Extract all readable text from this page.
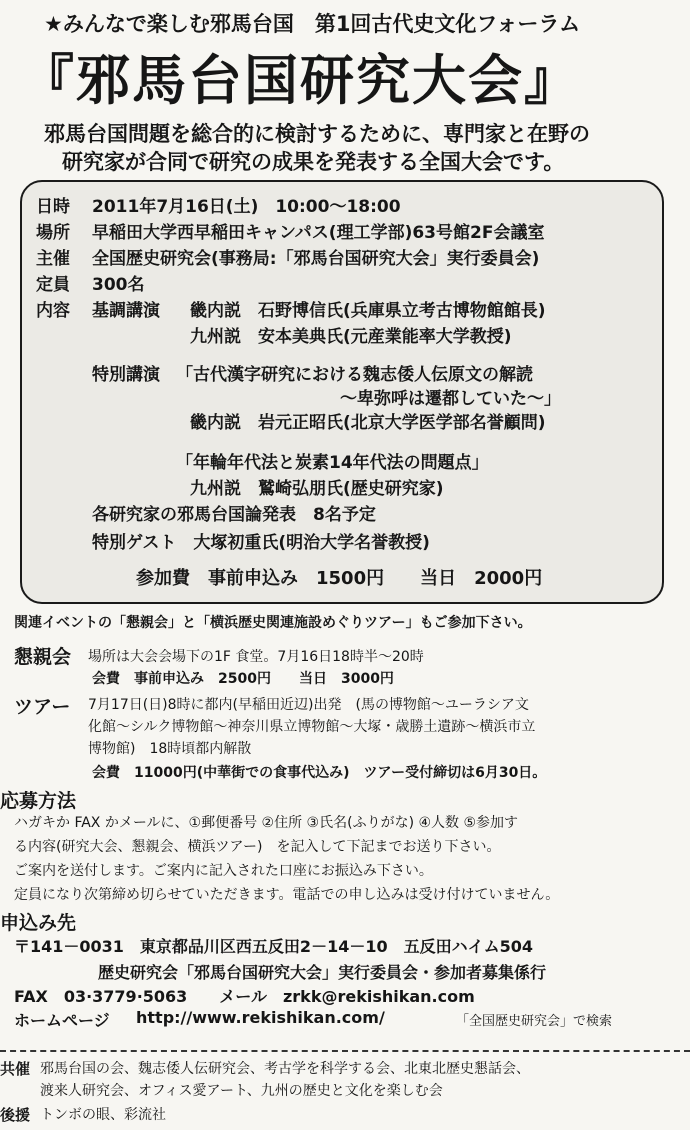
★みんなで楽しむ邪馬台国　第1回古代史文化フォーラム
『邪馬台国研究大会』
邪馬台国問題を総合的に検討するために、専門家と在野の
研究家が合同で研究の成果を発表する全国大会です。
日時 2011年7月16日(土)　10:00～18:00
場所 早稲田大学西早稲田キャンパス(理工学部)63号館2F会議室
主催 全国歴史研究会(事務局:「邪馬台国研究大会」実行委員会)
定員 300名
内容 基調講演 畿内説　石野博信氏(兵庫県立考古博物館館長)
九州説　安本美典氏(元産業能率大学教授)
特別講演 「古代漢字研究における魏志倭人伝原文の解読
～卑弥呼は遷都していた～」
畿内説　岩元正昭氏(北京大学医学部名誉顧問)
「年輪年代法と炭素14年代法の問題点」
九州説　鷲崎弘朋氏(歴史研究家)
各研究家の邪馬台国論発表　8名予定
特別ゲスト　大塚初重氏(明治大学名誉教授)
参加費　事前申込み　1500円　　当日　2000円
関連イベントの「懇親会」と「横浜歴史関連施設めぐりツアー」もご参加下さい。
懇親会 場所は大会会場下の1F 食堂。7月16日18時半～20時
会費　事前申込み　2500円　　当日　3000円
ツアー 7月17日(日)8時に都内(早稲田近辺)出発　(馬の博物館～ユーラシア文
化館～シルク博物館～神奈川県立博物館～大塚・歳勝土遺跡～横浜市立
博物館)　18時頃都内解散
会費　11000円(中華街での食事代込み)　ツアー受付締切は6月30日。
応募方法
ハガキか FAX かメールに、①郵便番号 ②住所 ③氏名(ふりがな) ④人数 ⑤参加す
る内容(研究大会、懇親会、横浜ツアー)　を記入して下記までお送り下さい。
ご案内を送付します。ご案内に記入された口座にお振込み下さい。
定員になり次第締め切らせていただきます。電話での申し込みは受け付けていません。
申込み先
〒141－0031　東京都品川区西五反田2－14－10　五反田ハイム504
歴史研究会「邪馬台国研究大会」実行委員会・参加者募集係行
FAX　03·3779·5063　　メール　zrkk@rekishikan.com
ホームページ http://www.rekishikan.com/	「全国歴史研究会」で検索
共催 邪馬台国の会、魏志倭人伝研究会、考古学を科学する会、北東北歴史懇話会、
渡来人研究会、オフィス愛アート、九州の歴史と文化を楽しむ会
後援 トンボの眼、彩流社
